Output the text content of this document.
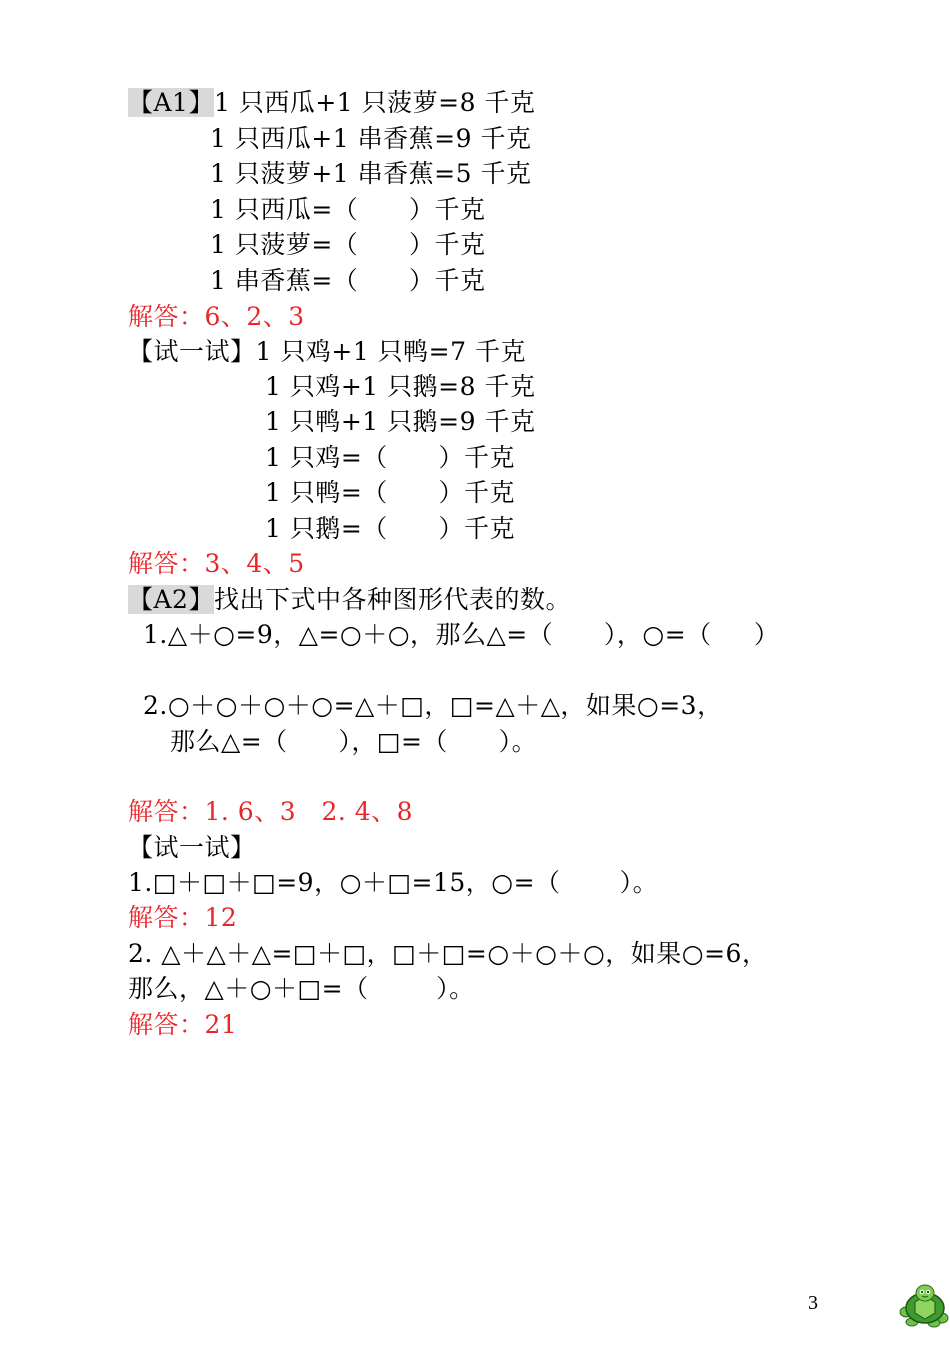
【A1】1 只西瓜+1 只菠萝=8 千克
1 只西瓜+1 串香蕉=9 千克
1 只菠萝+1 串香蕉=5 千克
1 只西瓜=（      ）千克
1 只菠萝=（      ）千克
1 串香蕉=（      ）千克
解答：6、2、3
【试一试】1 只鸡+1 只鸭=7 千克
1 只鸡+1 只鹅=8 千克
1 只鸭+1 只鹅=9 千克
1 只鸡=（      ）千克
1 只鸭=（      ）千克
1 只鹅=（      ）千克
解答：3、4、5
【A2】找出下式中各种图形代表的数。
1.△＋○=9，△=○＋○，那么△=（      ），○=（     ）
2.○＋○＋○＋○=△＋□，□=△＋△，如果○=3，
那么△=（      ），□=（      ）。
解答：1. 6、3   2. 4、8
【试一试】
1.□＋□＋□=9，○＋□=15，○=（       ）。
解答：12
2. △＋△＋△=□＋□，□＋□=○＋○＋○，如果○=6，
那么，△＋○＋□=（        ）。
解答：21
3
